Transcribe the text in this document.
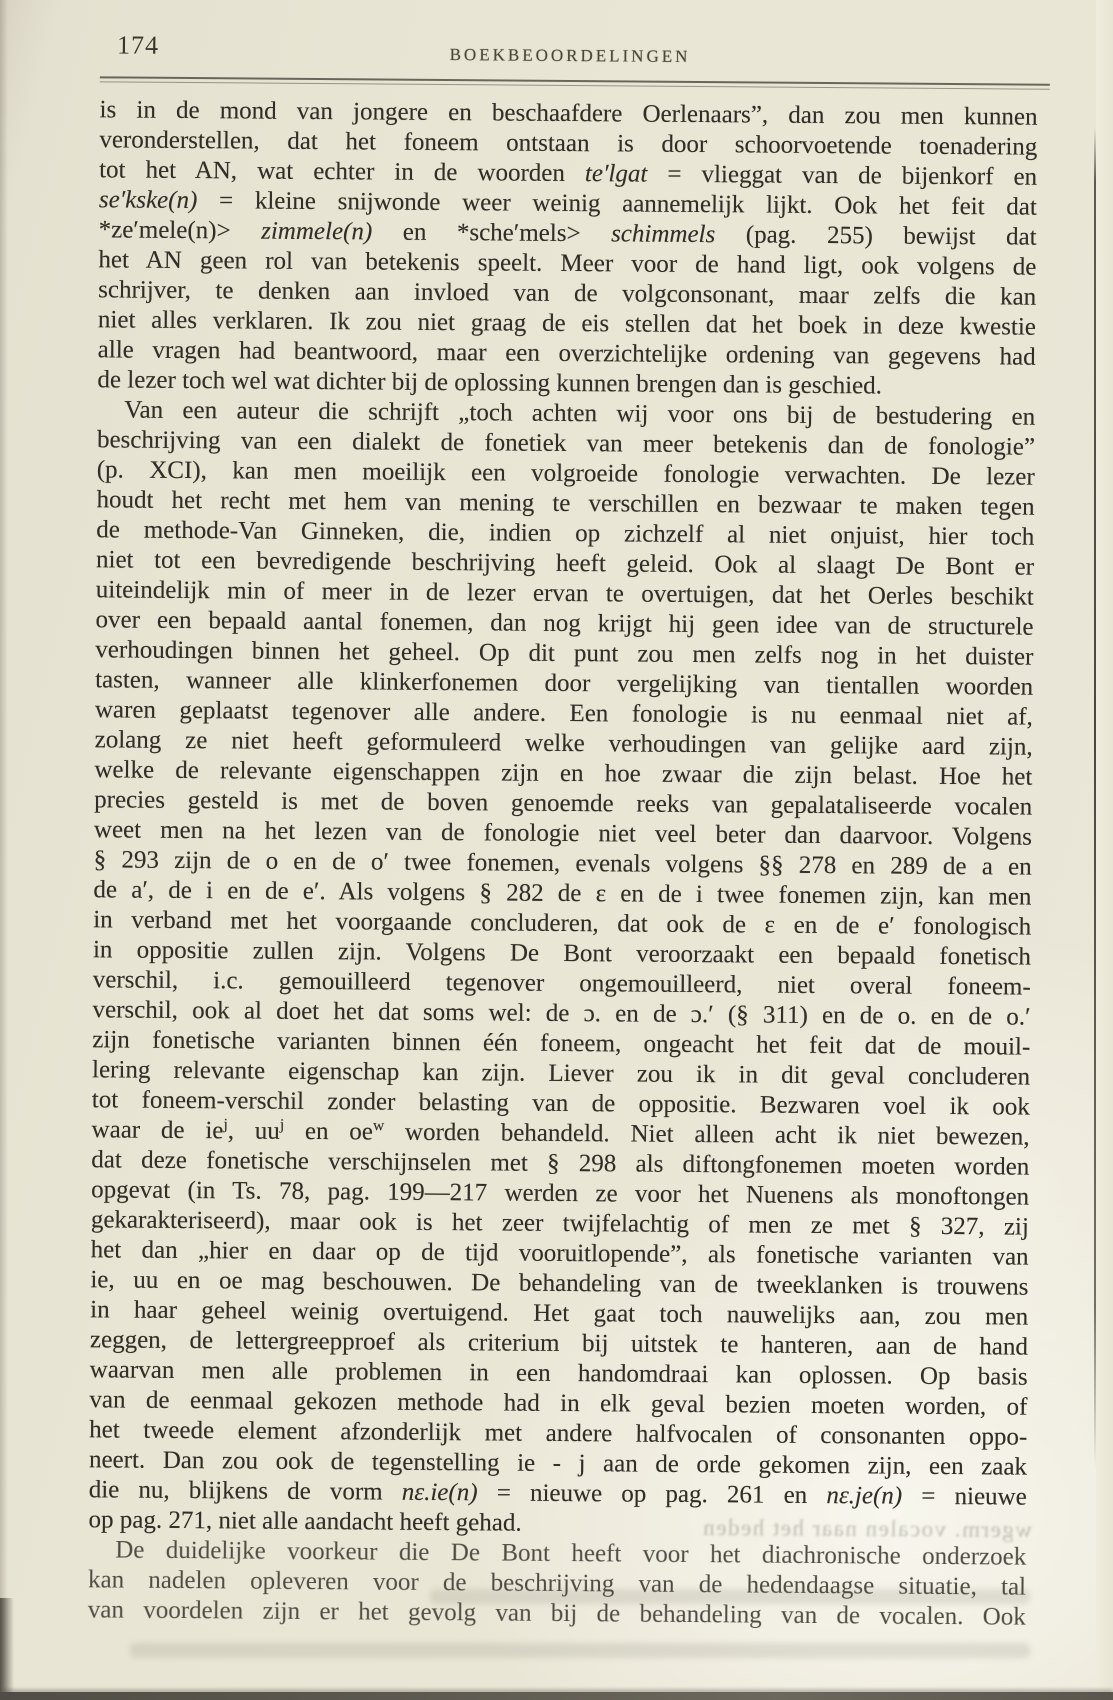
wgerm. vocalen naar het heden
174	BOEKBEOORDELINGEN
is in de mond van jongere en beschaafdere Oerlenaars”, dan zou men kunnen
veronderstellen, dat het foneem ontstaan is door schoorvoetende toenadering
tot het AN, wat echter in de woorden te′lgat = vlieggat van de bijenkorf en
se′kske(n) = kleine snijwonde weer weinig aannemelijk lijkt. Ook het feit dat
*ze′mele(n)> zimmele(n) en *sche′mels> schimmels (pag. 255) bewijst dat
het AN geen rol van betekenis speelt. Meer voor de hand ligt, ook volgens de
schrijver, te denken aan invloed van de volgconsonant, maar zelfs die kan
niet alles verklaren. Ik zou niet graag de eis stellen dat het boek in deze kwestie
alle vragen had beantwoord, maar een overzichtelijke ordening van gegevens had
de lezer toch wel wat dichter bij de oplossing kunnen brengen dan is geschied.
Van een auteur die schrijft „toch achten wij voor ons bij de bestudering en
beschrijving van een dialekt de fonetiek van meer betekenis dan de fonologie”
(p. XCI), kan men moeilijk een volgroeide fonologie verwachten. De lezer
houdt het recht met hem van mening te verschillen en bezwaar te maken tegen
de methode-Van Ginneken, die, indien op zichzelf al niet onjuist, hier toch
niet tot een bevredigende beschrijving heeft geleid. Ook al slaagt De Bont er
uiteindelijk min of meer in de lezer ervan te overtuigen, dat het Oerles beschikt
over een bepaald aantal fonemen, dan nog krijgt hij geen idee van de structurele
verhoudingen binnen het geheel. Op dit punt zou men zelfs nog in het duister
tasten, wanneer alle klinkerfonemen door vergelijking van tientallen woorden
waren geplaatst tegenover alle andere. Een fonologie is nu eenmaal niet af,
zolang ze niet heeft geformuleerd welke verhoudingen van gelijke aard zijn,
welke de relevante eigenschappen zijn en hoe zwaar die zijn belast. Hoe het
precies gesteld is met de boven genoemde reeks van gepalataliseerde vocalen
weet men na het lezen van de fonologie niet veel beter dan daarvoor. Volgens
§ 293 zijn de o en de o′ twee fonemen, evenals volgens §§ 278 en 289 de a en
de a′, de i en de e′. Als volgens § 282 de ε en de i twee fonemen zijn, kan men
in verband met het voorgaande concluderen, dat ook de ε en de e′ fonologisch
in oppositie zullen zijn. Volgens De Bont veroorzaakt een bepaald fonetisch
verschil, i.c. gemouilleerd tegenover ongemouilleerd, niet overal foneem-
verschil, ook al doet het dat soms wel: de ɔ. en de ɔ.′ (§ 311) en de o. en de o.′
zijn fonetische varianten binnen één foneem, ongeacht het feit dat de mouil-
lering relevante eigenschap kan zijn. Liever zou ik in dit geval concluderen
tot foneem-verschil zonder belasting van de oppositie. Bezwaren voel ik ook
waar de $ie^j$, $uu^j$ en $oe^w$ worden behandeld. Niet alleen acht ik niet bewezen,
dat deze fonetische verschijnselen met § 298 als diftongfonemen moeten worden
opgevat (in Ts. 78, pag. 199—217 werden ze voor het Nuenens als monoftongen
gekarakteriseerd), maar ook is het zeer twijfelachtig of men ze met § 327, zij
het dan „hier en daar op de tijd vooruitlopende”, als fonetische varianten van
ie, uu en oe mag beschouwen. De behandeling van de tweeklanken is trouwens
in haar geheel weinig overtuigend. Het gaat toch nauwelijks aan, zou men
zeggen, de lettergreepproef als criterium bij uitstek te hanteren, aan de hand
waarvan men alle problemen in een handomdraai kan oplossen. Op basis
van de eenmaal gekozen methode had in elk geval bezien moeten worden, of
het tweede element afzonderlijk met andere halfvocalen of consonanten oppo-
neert. Dan zou ook de tegenstelling ie - j aan de orde gekomen zijn, een zaak
die nu, blijkens de vorm nε.ie(n) = nieuwe op pag. 261 en nε.je(n) = nieuwe
op pag. 271, niet alle aandacht heeft gehad.
De duidelijke voorkeur die De Bont heeft voor het diachronische onderzoek
kan nadelen opleveren voor de beschrijving van de hedendaagse situatie, tal
van voordelen zijn er het gevolg van bij de behandeling van de vocalen. Ook
